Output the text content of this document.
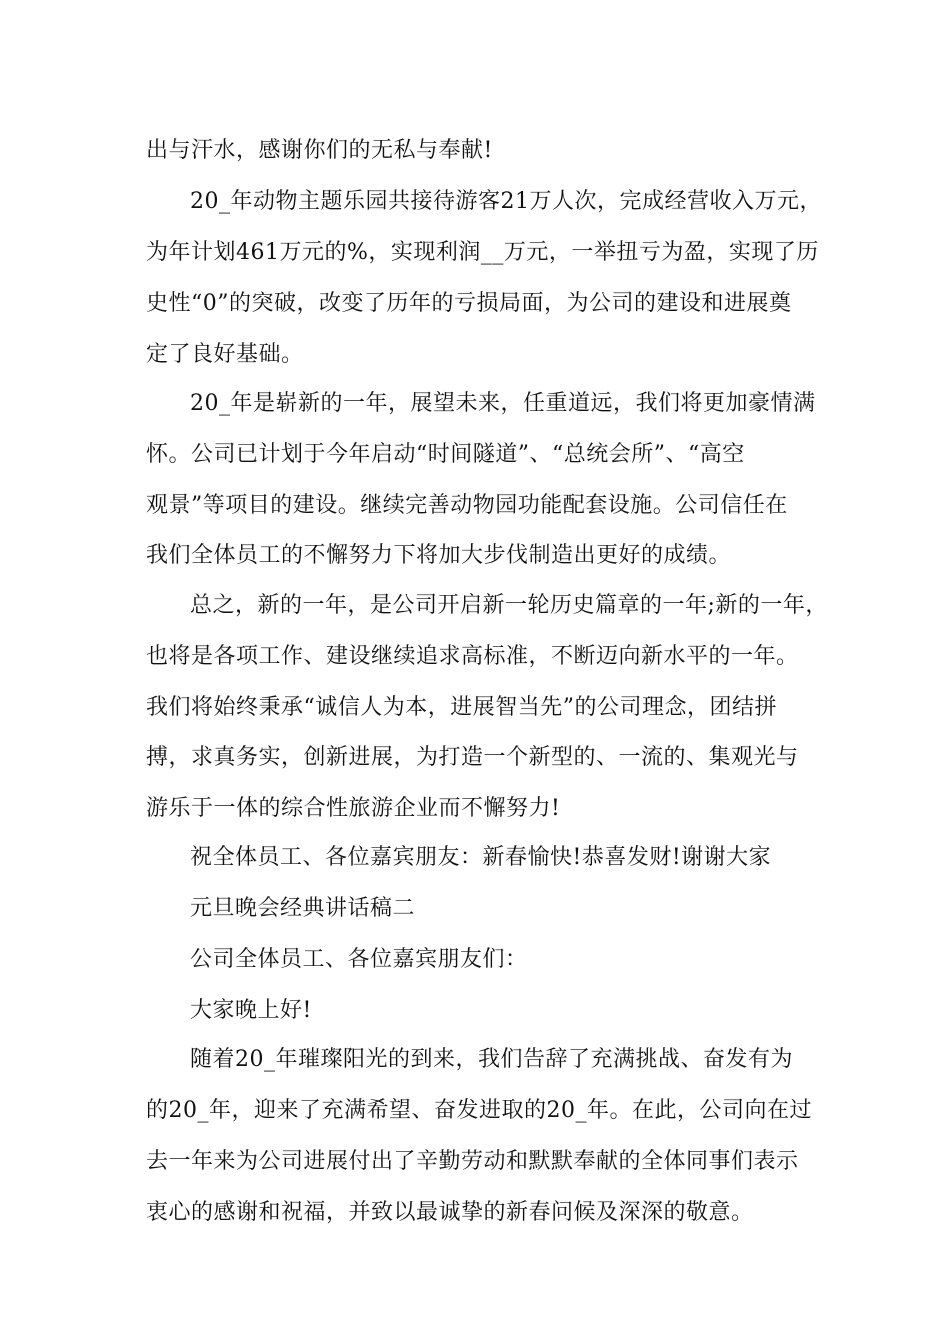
出与汗水，感谢你们的无私与奉献!
20_年动物主题乐园共接待游客21万人次，完成经营收入万元，
为年计划461万元的%，实现利润__万元，一举扭亏为盈，实现了历
史性“0”的突破，改变了历年的亏损局面，为公司的建设和进展奠
定了良好基础。
20_年是崭新的一年，展望未来，任重道远，我们将更加豪情满
怀。公司已计划于今年启动“时间隧道”、“总统会所”、“高空
观景”等项目的建设。继续完善动物园功能配套设施。公司信任在
我们全体员工的不懈努力下将加大步伐制造出更好的成绩。
总之，新的一年，是公司开启新一轮历史篇章的一年;新的一年，
也将是各项工作、建设继续追求高标准，不断迈向新水平的一年。
我们将始终秉承“诚信人为本，进展智当先”的公司理念，团结拼
搏，求真务实，创新进展，为打造一个新型的、一流的、集观光与
游乐于一体的综合性旅游企业而不懈努力!
祝全体员工、各位嘉宾朋友：新春愉快!恭喜发财!谢谢大家
元旦晚会经典讲话稿二
公司全体员工、各位嘉宾朋友们：
大家晚上好!
随着20_年璀璨阳光的到来，我们告辞了充满挑战、奋发有为
的20_年，迎来了充满希望、奋发进取的20_年。在此，公司向在过
去一年来为公司进展付出了辛勤劳动和默默奉献的全体同事们表示
衷心的感谢和祝福，并致以最诚挚的新春问候及深深的敬意。
